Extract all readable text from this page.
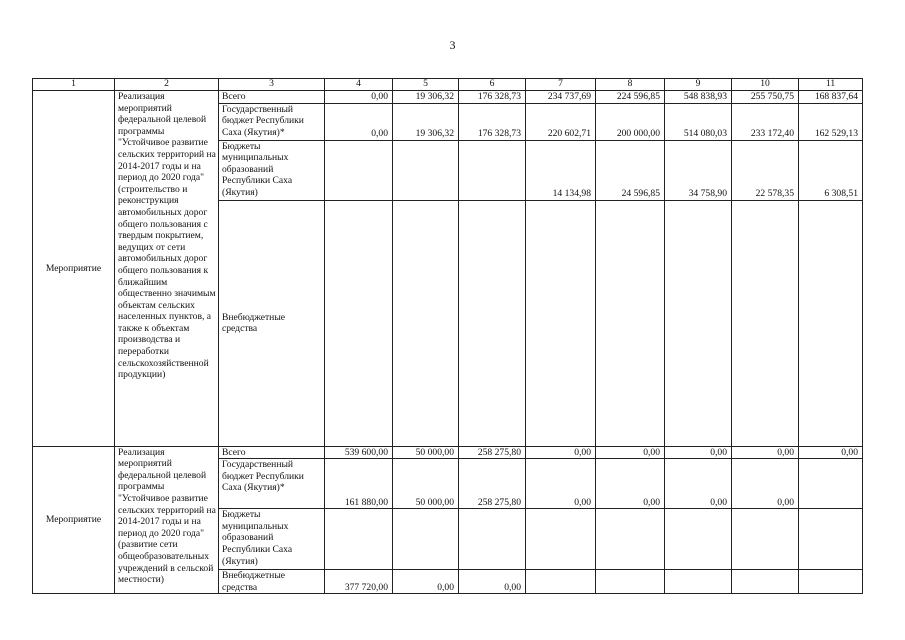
3
1	2	3	4	5	6	7	8	9	10	11
Мероприятие	Реализация мероприятий федеральной целевой программы "Устойчивое развитие сельских территорий на 2014-2017 годы и на период до 2020 года" (строительство и реконструкция автомобильных дорог общего пользования с твердым покрытием, ведущих от сети автомобильных дорог общего пользования к ближайшим общественно значимым объектам сельских населенных пунктов, а также к объектам производства и переработки сельскохозяйственной продукции)	Всего	0,00	19 306,32	176 328,73	234 737,69	224 596,85	548 838,93	255 750,75	168 837,64
		Государственный бюджет Республики Саха (Якутия)*	0,00	19 306,32	176 328,73	220 602,71	200 000,00	514 080,03	233 172,40	162 529,13
		Бюджеты муниципальных образований Республики Саха (Якутия)				14 134,98	24 596,85	34 758,90	22 578,35	6 308,51
		Внебюджетные средства								
Мероприятие	Реализация мероприятий федеральной целевой программы "Устойчивое развитие сельских территорий на 2014-2017 годы и на период до 2020 года" (развитие сети общеобразовательных учреждений в сельской местности)	Всего	539 600,00	50 000,00	258 275,80	0,00	0,00	0,00	0,00	0,00
		Государственный бюджет Республики Саха (Якутия)*	161 880,00	50 000,00	258 275,80	0,00	0,00	0,00	0,00	
		Бюджеты муниципальных образований Республики Саха (Якутия)								
		Внебюджетные средства	377 720,00	0,00	0,00					
